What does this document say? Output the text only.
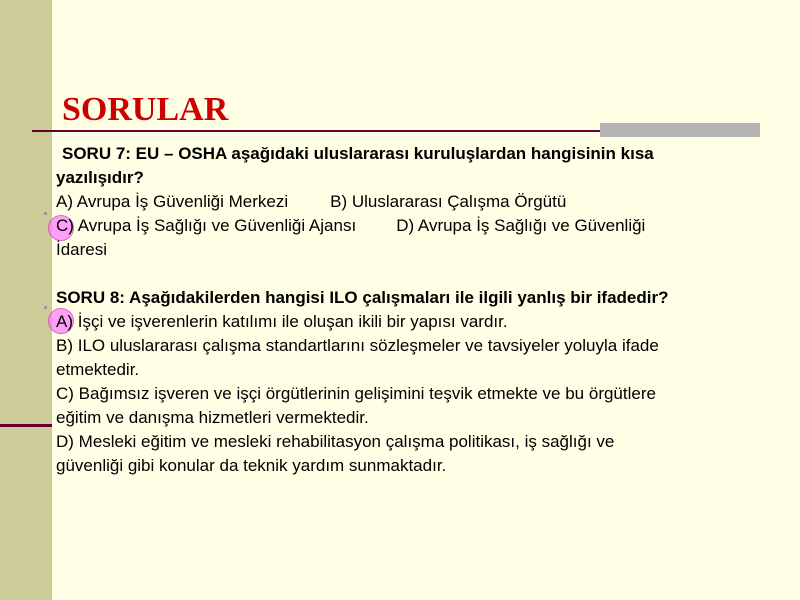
SORULAR
SORU 7: EU – OSHA aşağıdaki uluslararası kuruluşlardan hangisinin kısa
yazılışıdır?
A) Avrupa İş Güvenliği Merkezi B) Uluslararası Çalışma Örgütü
C) Avrupa İş Sağlığı ve Güvenliği Ajansı D) Avrupa İş Sağlığı ve Güvenliği
İdaresi
SORU 8: Aşağıdakilerden hangisi ILO çalışmaları ile ilgili yanlış bir ifadedir?
A) İşçi ve işverenlerin katılımı ile oluşan ikili bir yapısı vardır.
B) ILO uluslararası çalışma standartlarını sözleşmeler ve tavsiyeler yoluyla ifade
etmektedir.
C) Bağımsız işveren ve işçi örgütlerinin gelişimini teşvik etmekte ve bu örgütlere
eğitim ve danışma hizmetleri vermektedir.
D) Mesleki eğitim ve mesleki rehabilitasyon çalışma politikası, iş sağlığı ve
güvenliği gibi konular da teknik yardım sunmaktadır.
